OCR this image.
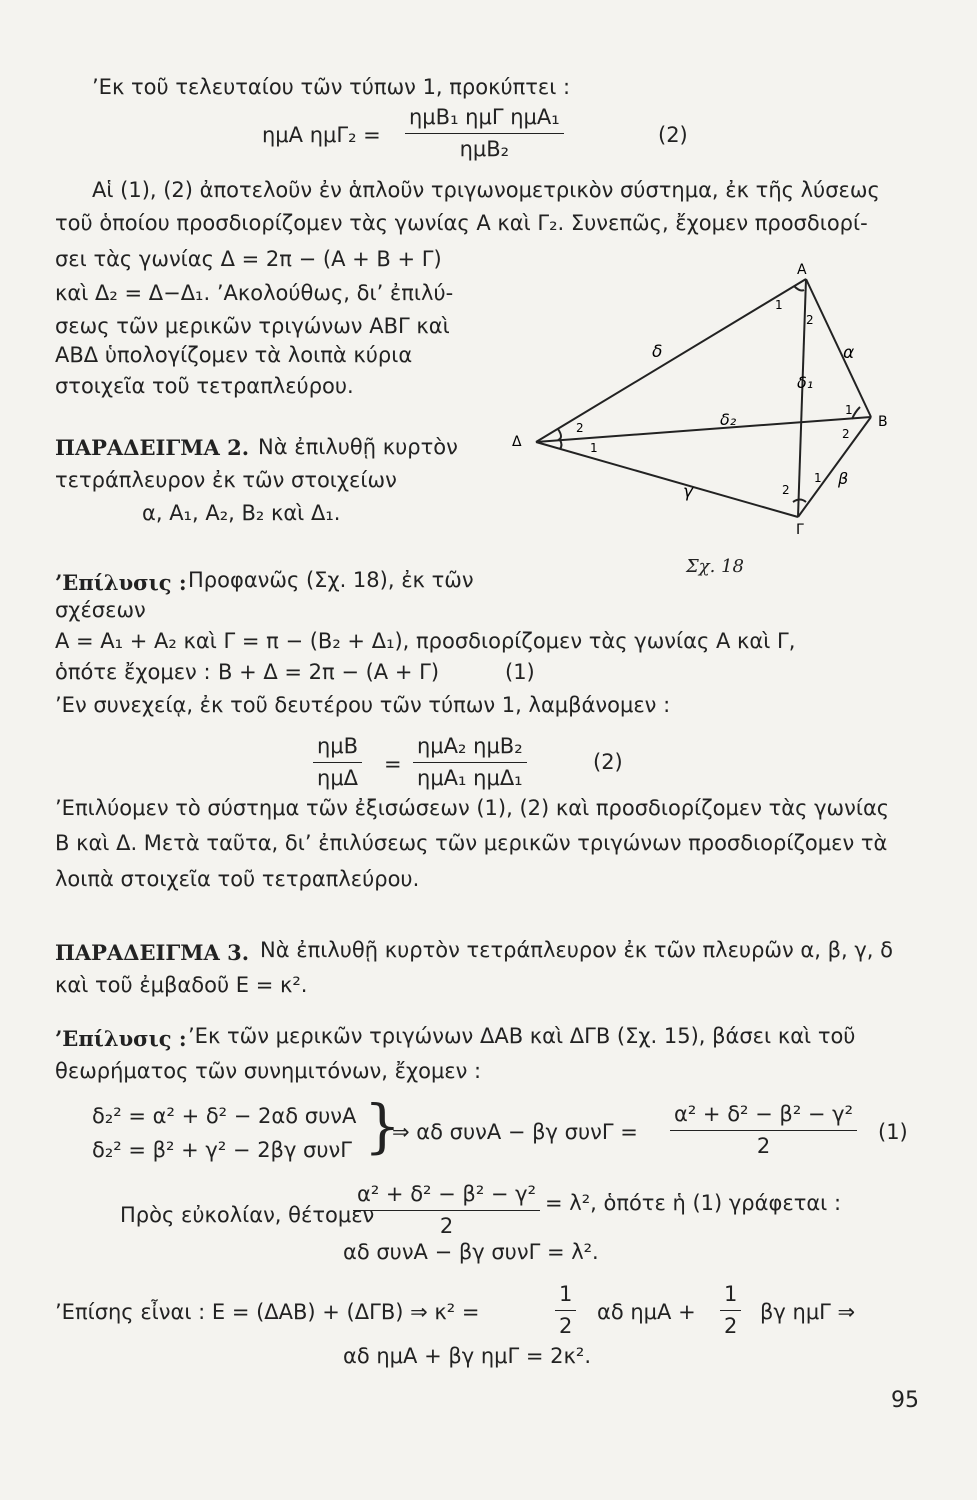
’Εκ τοῦ τελευταίου τῶν τύπων 1, προκύπτει :
ημΑ ημΓ₂ =
ημΒ₁ ημΓ ημΑ₁
ημΒ₂
(2)
Αἱ (1), (2) ἀποτελοῦν ἐν ἁπλοῦν τριγωνομετρικὸν σύστημα, ἐκ τῆς λύσεως
τοῦ ὁποίου προσδιορίζομεν τὰς γωνίας Α καὶ Γ₂. Συνεπῶς, ἔχομεν προσδιορί-
σει τὰς γωνίας Δ = 2π − (Α + Β + Γ)
καὶ Δ₂ = Δ−Δ₁. ’Ακολούθως, δι’ ἐπιλύ-
σεως τῶν μερικῶν τριγώνων ΑΒΓ καὶ
ΑΒΔ ὑπολογίζομεν τὰ λοιπὰ κύρια
στοιχεῖα τοῦ τετραπλεύρου.
ΠΑΡΑΔΕΙΓΜΑ 2. Νὰ ἐπιλυθῇ κυρτὸν
τετράπλευρον ἐκ τῶν στοιχείων
α, Α₁, Α₂, Β₂ καὶ Δ₁.
’Επίλυσις : Προφανῶς (Σχ. 18), ἐκ τῶν
σχέσεων
Α = Α₁ + Α₂ καὶ Γ = π − (Β₂ + Δ₁), προσδιορίζομεν τὰς γωνίας Α καὶ Γ,
ὁπότε ἔχομεν : Β + Δ = 2π − (Α + Γ)	(1)
’Εν συνεχείᾳ, ἐκ τοῦ δευτέρου τῶν τύπων 1, λαμβάνομεν :
ημΒ
ημΔ
=
ημΑ₂ ημΒ₂
ημΑ₁ ημΔ₁
(2)
’Επιλύομεν τὸ σύστημα τῶν ἐξισώσεων (1), (2) καὶ προσδιορίζομεν τὰς γωνίας
Β καὶ Δ. Μετὰ ταῦτα, δι’ ἐπιλύσεως τῶν μερικῶν τριγώνων προσδιορίζομεν τὰ
λοιπὰ στοιχεῖα τοῦ τετραπλεύρου.
Α
Β
Γ
Δ
δ	α
δ₁
δ₂
β
γ
1
2
1
2
1
2
1
2
Σχ. 18
ΠΑΡΑΔΕΙΓΜΑ 3. Νὰ ἐπιλυθῇ κυρτὸν τετράπλευρον ἐκ τῶν πλευρῶν α, β, γ, δ
καὶ τοῦ ἐμβαδοῦ Ε = κ².
’Επίλυσις : ’Εκ τῶν μερικῶν τριγώνων ΔΑΒ καὶ ΔΓΒ (Σχ. 15), βάσει καὶ τοῦ
θεωρήματος τῶν συνημιτόνων, ἔχομεν :
δ₂² = α² + δ² − 2αδ συνΑ
δ₂² = β² + γ² − 2βγ συνΓ }
⇒ αδ συνΑ − βγ $\sigma\upsilon\nu\Gamma = \frac{\text{α² + δ² − β² − γ²}}{2} (1)$
Πρὸς εὐκολίαν, θέτομεν
$\frac{\text{α² + δ² − β² − γ²}}{2} = \lambda^2$, ὁπότε ἡ (1) γράφεται :
αδ συνΑ − βγ συνΓ = λ².
’Επίσης εἶναι : Ε = (ΔΑΒ) + (ΔΓΒ) ⇒ κ² =	$\frac{1}{2}$ αδ $\eta\mu A + \frac{1}{2}$ βγ ημΓ ⇒
αδ ημΑ + βγ ημΓ = 2κ².
95
